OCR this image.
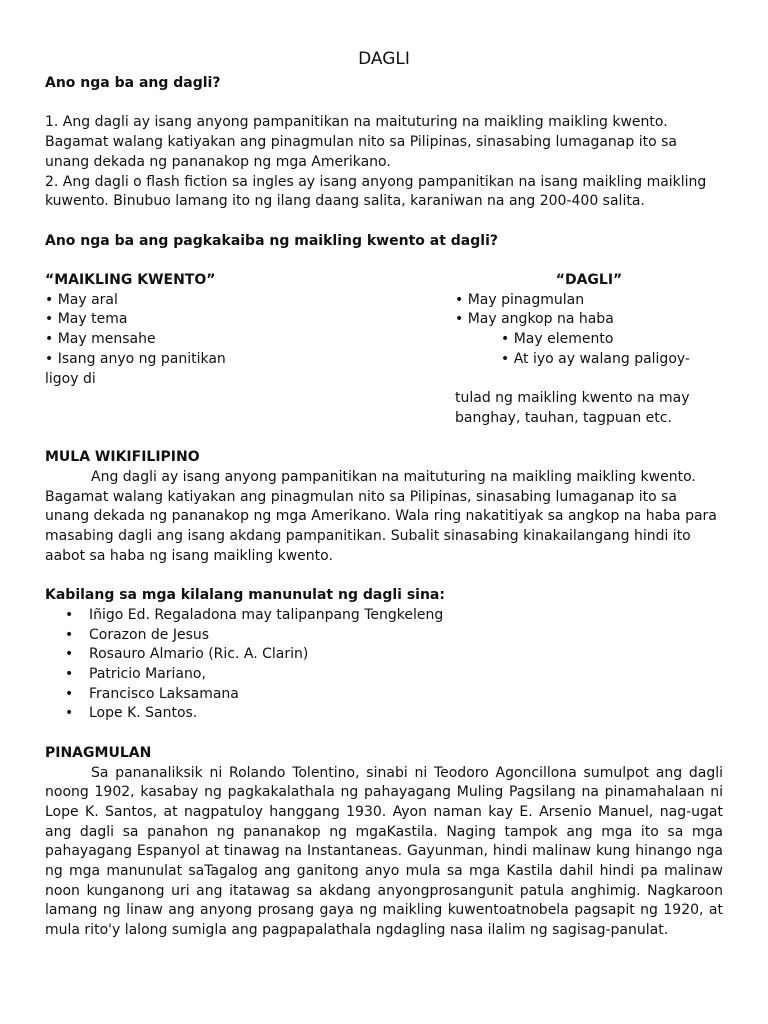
DAGLI

Ano nga ba ang dagli?

1. Ang dagli ay isang anyong pampanitikan na maituturing na maikling maikling kwento. Bagamat walang katiyakan ang pinagmulan nito sa Pilipinas, sinasabing lumaganap ito sa unang dekada ng pananakop ng mga Amerikano.

2. Ang dagli o flash fiction sa ingles ay isang anyong pampanitikan na isang maikling maikling kuwento. Binubuo lamang ito ng ilang daang salita, karaniwan na ang 200-400 salita.

Ano nga ba ang pagkakaiba ng maikling kwento at dagli?

“MAIKLING KWENTO”

• May aral

• May tema

• May mensahe

• Isang anyo ng panitikan

ligoy di

“DAGLI”

• May pinagmulan

• May angkop na haba

• May elemento

• At iyo ay walang paligoy-

tulad ng maikling kwento na may

banghay, tauhan, tagpuan etc.

MULA WIKIFILIPINO

Ang dagli ay isang anyong pampanitikan na maituturing na maikling maikling kwento. Bagamat walang katiyakan ang pinagmulan nito sa Pilipinas, sinasabing lumaganap ito sa unang dekada ng pananakop ng mga Amerikano. Wala ring nakatitiyak sa angkop na haba para masabing dagli ang isang akdang pampanitikan. Subalit sinasabing kinakailangang hindi ito aabot sa haba ng isang maikling kwento.

Kabilang sa mga kilalang manunulat ng dagli sina:

• Iñigo Ed. Regaladona may talipanpang Tengkeleng
• Corazon de Jesus
• Rosauro Almario (Ric. A. Clarin)
• Patricio Mariano,
• Francisco Laksamana
• Lope K. Santos.

PINAGMULAN

Sa pananaliksik ni Rolando Tolentino, sinabi ni Teodoro Agoncillona sumulpot ang dagli noong 1902, kasabay ng pagkakalathala ng pahayagang Muling Pagsilang na pinamahalaan ni Lope K. Santos, at nagpatuloy hanggang 1930. Ayon naman kay E. Arsenio Manuel, nag-ugat ang dagli sa panahon ng pananakop ng mgaKastila. Naging tampok ang mga ito sa mga pahayagang Espanyol at tinawag na Instantaneas. Gayunman, hindi malinaw kung hinango nga ng mga manunulat saTagalog ang ganitong anyo mula sa mga Kastila dahil hindi pa malinaw noon kunganong uri ang itatawag sa akdang anyongprosangunit patula anghimig. Nagkaroon lamang ng linaw ang anyong prosang gaya ng maikling kuwentoatnobela pagsapit ng 1920, at mula rito'y lalong sumigla ang pagpapalathala ngdagling nasa ilalim ng sagisag-panulat.
